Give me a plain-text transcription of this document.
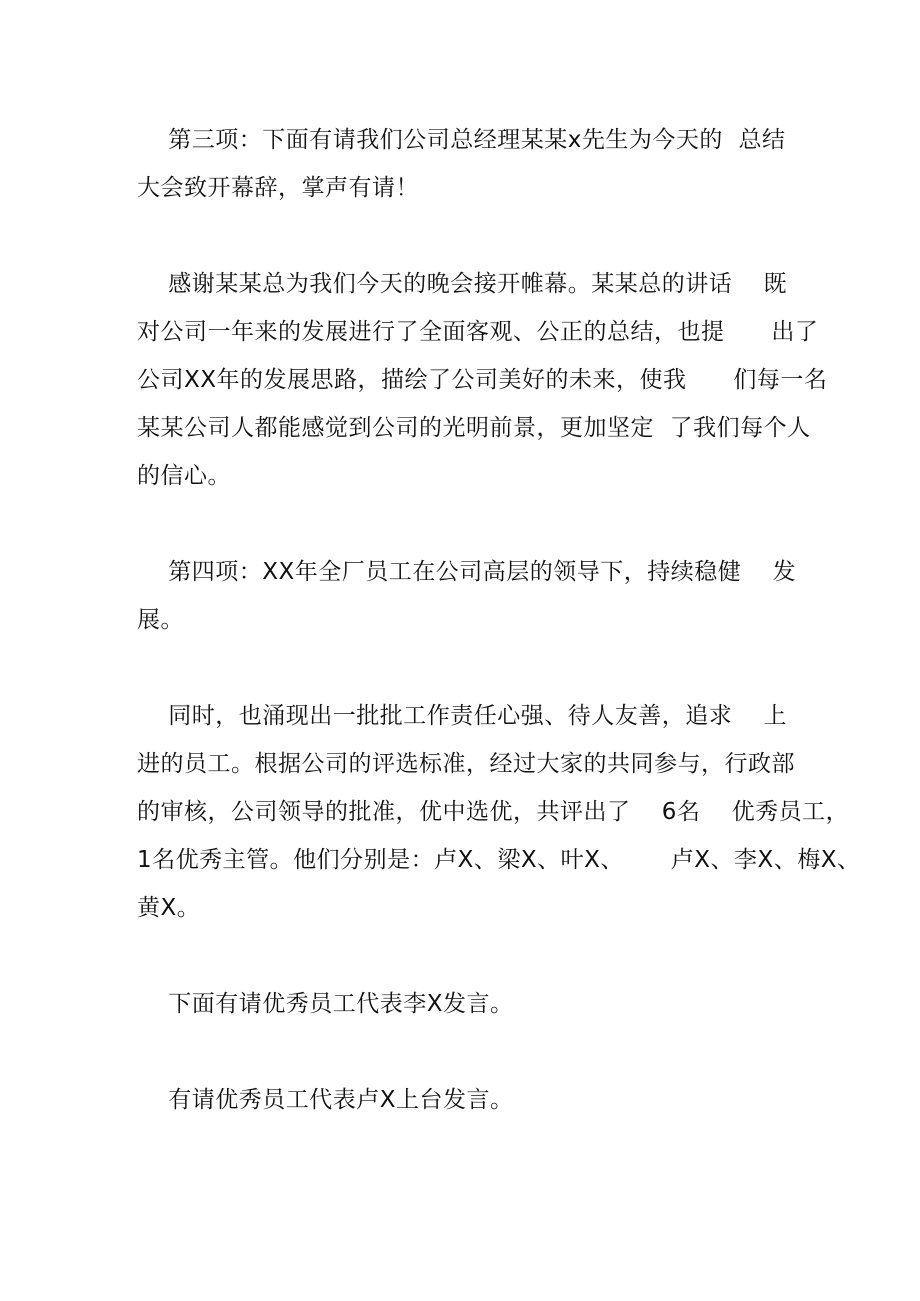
第三项：下面有请我们公司总经理某某x先生为今天的  总结
大会致开幕辞，掌声有请！
感谢某某总为我们今天的晚会接开帷幕。某某总的讲话    既
对公司一年来的发展进行了全面客观、公正的总结，也提      出了
公司XX年的发展思路，描绘了公司美好的未来，使我      们每一名
某某公司人都能感觉到公司的光明前景，更加坚定  了我们每个人
的信心。
第四项：XX年全厂员工在公司高层的领导下，持续稳健    发
展。
同时，也涌现出一批批工作责任心强、待人友善，追求    上
进的员工。根据公司的评选标准，经过大家的共同参与，行政部
的审核，公司领导的批准，优中选优，共评出了    6名    优秀员工，
1名优秀主管。他们分别是：卢X、梁X、叶X、      卢X、李X、梅X、
黄X。
下面有请优秀员工代表李X发言。
有请优秀员工代表卢X上台发言。
